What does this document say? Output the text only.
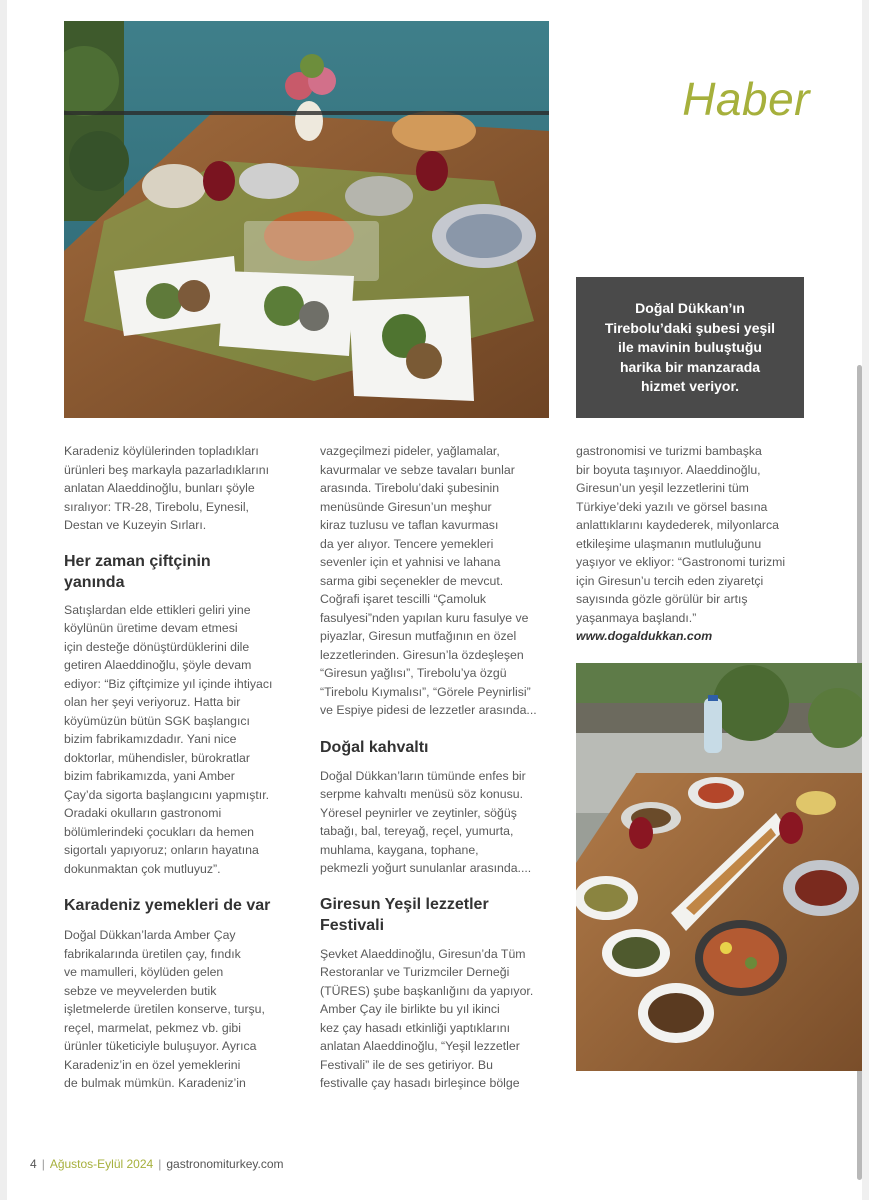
Haber
Doğal Dükkan’ın
Tirebolu’daki şubesi yeşil
ile mavinin buluştuğu
harika bir manzarada
hizmet veriyor.

Karadeniz köylülerinden topladıkları
ürünleri beş markayla pazarladıklarını
anlatan Alaeddinoğlu, bunları şöyle
sıralıyor: TR-28, Tirebolu, Eynesil,
Destan ve Kuzeyin Sırları.

Her zaman çiftçinin
yanında

Satışlardan elde ettikleri geliri yine
köylünün üretime devam etmesi
için desteğe dönüştürdüklerini dile
getiren Alaeddinoğlu, şöyle devam
ediyor: “Biz çiftçimize yıl içinde ihtiyacı
olan her şeyi veriyoruz. Hatta bir
köyümüzün bütün SGK başlangıcı
bizim fabrikamızdadır. Yani nice
doktorlar, mühendisler, bürokratlar
bizim fabrikamızda, yani Amber
Çay’da sigorta başlangıcını yapmıştır.
Oradaki okulların gastronomi
bölümlerindeki çocukları da hemen
sigortalı yapıyoruz; onların hayatına
dokunmaktan çok mutluyuz”.

Karadeniz yemekleri de var

Doğal Dükkan’larda Amber Çay
fabrikalarında üretilen çay, fındık
ve mamulleri, köylüden gelen
sebze ve meyvelerden butik
işletmelerde üretilen konserve, turşu,
reçel, marmelat, pekmez vb. gibi
ürünler tüketiciyle buluşuyor. Ayrıca
Karadeniz’in en özel yemeklerini
de bulmak mümkün. Karadeniz’in

vazgeçilmezi pideler, yağlamalar,
kavurmalar ve sebze tavaları bunlar
arasında. Tirebolu’daki şubesinin
menüsünde Giresun’un meşhur
kiraz tuzlusu ve taflan kavurması
da yer alıyor. Tencere yemekleri
sevenler için et yahnisi ve lahana
sarma gibi seçenekler de mevcut.
Coğrafi işaret tescilli “Çamoluk
fasulyesi”nden yapılan kuru fasulye ve
piyazlar, Giresun mutfağının en özel
lezzetlerinden. Giresun’la özdeşleşen
“Giresun yağlısı”, Tirebolu’ya özgü
“Tirebolu Kıymalısı”, “Görele Peynirlisi”
ve Espiye pidesi de lezzetler arasında...

Doğal kahvaltı

Doğal Dükkan’ların tümünde enfes bir
serpme kahvaltı menüsü söz konusu.
Yöresel peynirler ve zeytinler, söğüş
tabağı, bal, tereyağ, reçel, yumurta,
muhlama, kaygana, tophane,
pekmezli yoğurt sunulanlar arasında....

Giresun Yeşil lezzetler
Festivali

Şevket Alaeddinoğlu, Giresun’da Tüm
Restoranlar ve Turizmciler Derneği
(TÜRES) şube başkanlığını da yapıyor.
Amber Çay ile birlikte bu yıl ikinci
kez çay hasadı etkinliği yaptıklarını
anlatan Alaeddinoğlu, “Yeşil lezzetler
Festivali” ile de ses getiriyor. Bu
festivalle çay hasadı birleşince bölge

gastronomisi ve turizmi bambaşka
bir boyuta taşınıyor. Alaeddinoğlu,
Giresun’un yeşil lezzetlerini tüm
Türkiye’deki yazılı ve görsel basına
anlattıklarını kaydederek, milyonlarca
etkileşime ulaşmanın mutluluğunu
yaşıyor ve ekliyor: “Gastronomi turizmi
için Giresun’u tercih eden ziyaretçi
sayısında gözle görülür bir artış
yaşanmaya başlandı.”

www.dogaldukkan.com
4 | Ağustos-Eylül 2024 | gastronomiturkey.com
